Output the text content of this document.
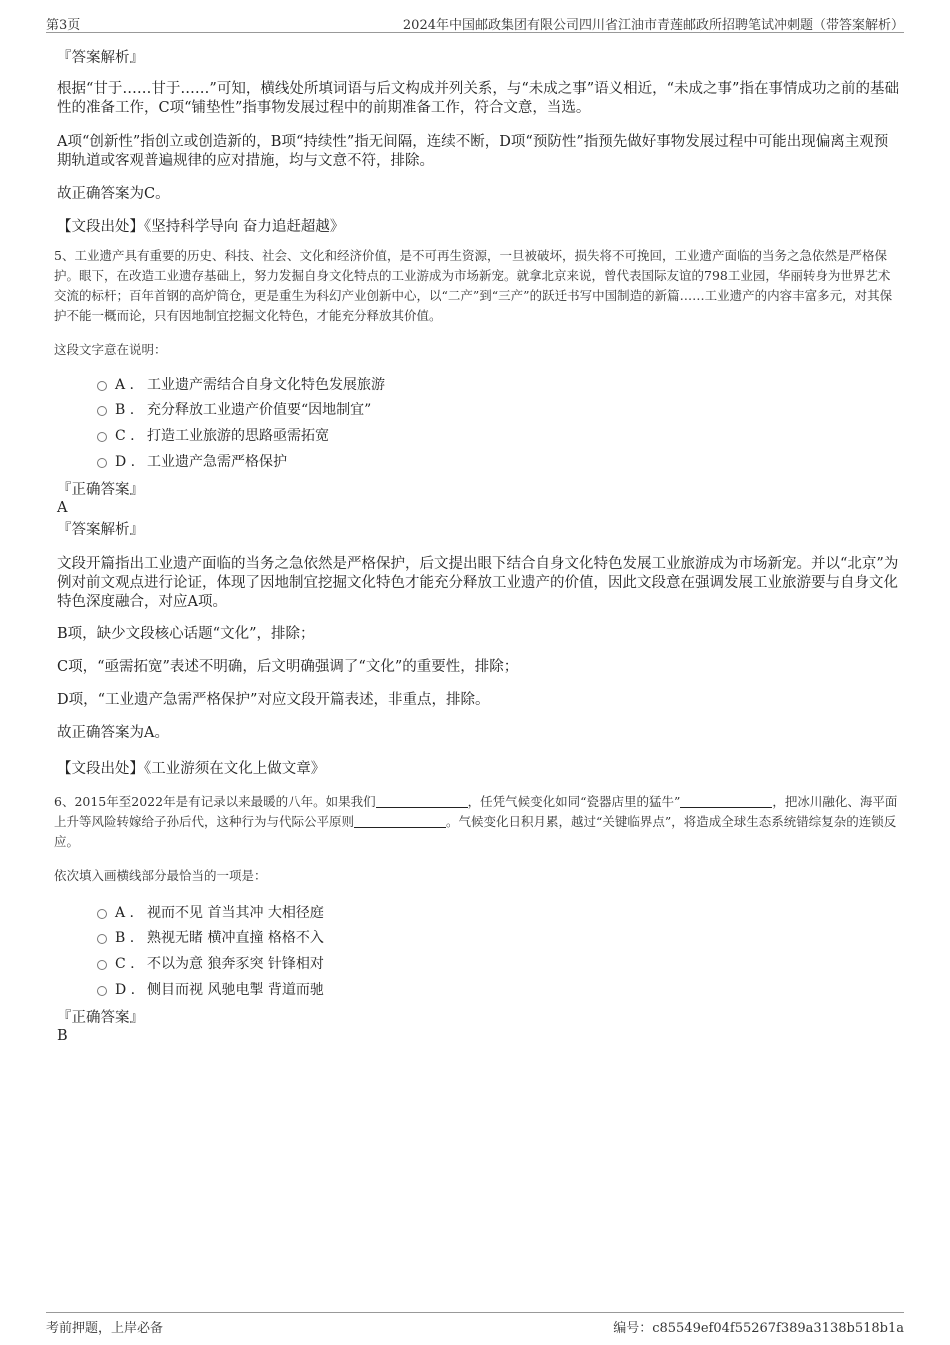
第3页	2024年中国邮政集团有限公司四川省江油市青莲邮政所招聘笔试冲刺题（带答案解析）
『答案解析』
根据“甘于……甘于……”可知，横线处所填词语与后文构成并列关系，与“未成之事”语义相近，“未成之事”指在事情成功之前的基础性的准备工作，C项“铺垫性”指事物发展过程中的前期准备工作，符合文意，当选。
A项“创新性”指创立或创造新的，B项“持续性”指无间隔，连续不断，D项“预防性”指预先做好事物发展过程中可能出现偏离主观预期轨道或客观普遍规律的应对措施，均与文意不符，排除。
故正确答案为C。
【文段出处】《坚持科学导向 奋力追赶超越》
5、工业遗产具有重要的历史、科技、社会、文化和经济价值，是不可再生资源，一旦被破坏，损失将不可挽回，工业遗产面临的当务之急依然是严格保护。眼下，在改造工业遗存基础上，努力发掘自身文化特点的工业游成为市场新宠。就拿北京来说，曾代表国际友谊的798工业园，华丽转身为世界艺术交流的标杆；百年首钢的高炉筒仓，更是重生为科幻产业创新中心，以“二产”到“三产”的跃迁书写中国制造的新篇……工业遗产的内容丰富多元，对其保护不能一概而论，只有因地制宜挖掘文化特色，才能充分释放其价值。
这段文字意在说明：
A . 工业遗产需结合自身文化特色发展旅游
B . 充分释放工业遗产价值要“因地制宜”
C . 打造工业旅游的思路亟需拓宽
D . 工业遗产急需严格保护
『正确答案』
A
『答案解析』
文段开篇指出工业遗产面临的当务之急依然是严格保护，后文提出眼下结合自身文化特色发展工业旅游成为市场新宠。并以“北京”为例对前文观点进行论证，体现了因地制宜挖掘文化特色才能充分释放工业遗产的价值，因此文段意在强调发展工业旅游要与自身文化特色深度融合，对应A项。
B项，缺少文段核心话题“文化”，排除；
C项，“亟需拓宽”表述不明确，后文明确强调了“文化”的重要性，排除；
D项，“工业遗产急需严格保护”对应文段开篇表述，非重点，排除。
故正确答案为A。
【文段出处】《工业游须在文化上做文章》
6、2015年至2022年是有记录以来最暖的八年。如果我们	，任凭气候变化如同“瓷器店里的猛牛”	，把冰川融化、海平面上升等风险转嫁给子孙后代，这种行为与代际公平原则	。气候变化日积月累，越过“关键临界点”，将造成全球生态系统错综复杂的连锁反应。
依次填入画横线部分最恰当的一项是：
A . 视而不见 首当其冲 大相径庭
B . 熟视无睹 横冲直撞 格格不入
C . 不以为意 狼奔豕突 针锋相对
D . 侧目而视 风驰电掣 背道而驰
『正确答案』
B
考前押题，上岸必备	编号：c85549ef04f55267f389a3138b518b1a
